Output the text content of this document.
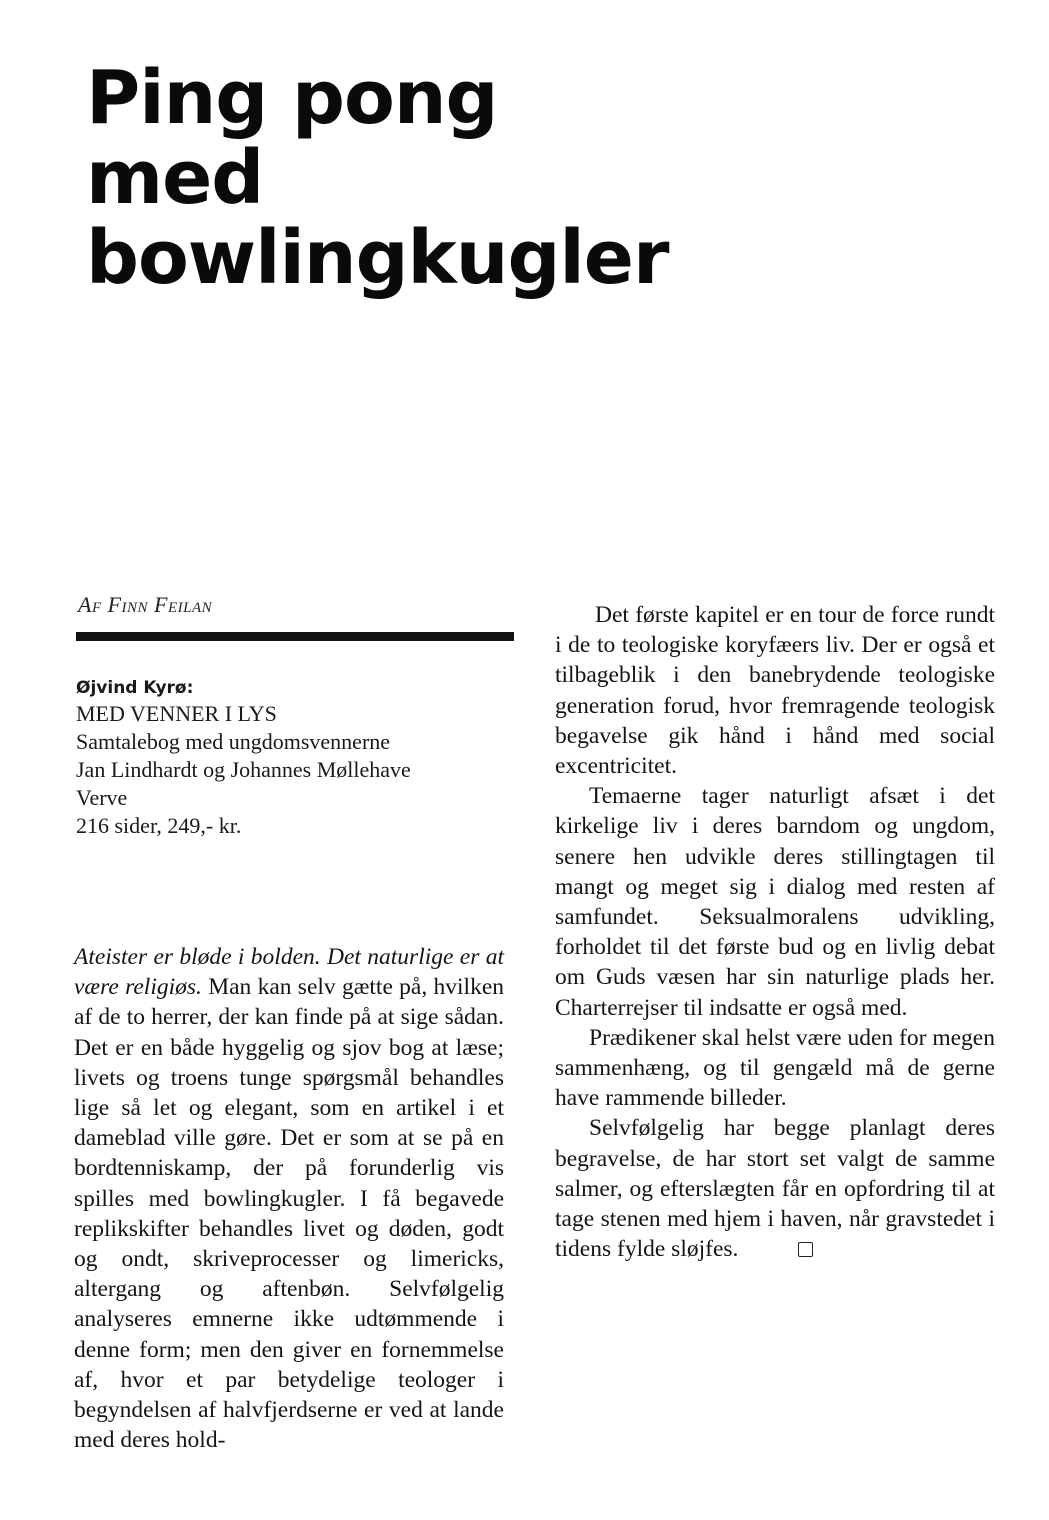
Ping pong
med
bowlingkugler
Af Finn Feilan
Øjvind Kyrø:
MED VENNER I LYS
Samtalebog med ungdomsvennerne
Jan Lindhardt og Johannes Møllehave
Verve
216 sider, 249,- kr.

Ateister er bløde i bolden. Det naturlige er at være religiøs. Man kan selv gætte på, hvilken af de to herrer, der kan finde på at sige sådan. Det er en både hyggelig og sjov bog at læse; livets og troens tunge spørgsmål behandles lige så let og elegant, som en artikel i et dameblad ville gøre. Det er som at se på en bordtenniskamp, der på forunderlig vis spilles med bowlingkugler. I få begavede replikskifter behandles livet og døden, godt og ondt, skriveprocesser og limericks, altergang og aftenbøn. Selvfølgelig analyseres emnerne ikke udtømmende i denne form; men den giver en fornemmelse af, hvor et par betydelige teologer i begyndelsen af halvfjerdserne er ved at lande med deres hold-

Det første kapitel er en tour de force rundt i de to teologiske koryfæers liv. Der er også et tilbageblik i den banebrydende teologiske generation forud, hvor fremragende teologisk begavelse gik hånd i hånd med social excentricitet.

Temaerne tager naturligt afsæt i det kirkelige liv i deres barndom og ungdom, senere hen udvikle deres stillingtagen til mangt og meget sig i dialog med resten af samfundet. Seksualmoralens udvikling, forholdet til det første bud og en livlig debat om Guds væsen har sin naturlige plads her. Charterrejser til indsatte er også med.

Prædikener skal helst være uden for megen sammenhæng, og til gengæld må de gerne have rammende billeder.

Selvfølgelig har begge planlagt deres begravelse, de har stort set valgt de samme salmer, og efterslægten får en opfordring til at tage stenen med hjem i haven, når gravstedet i tidens fylde sløjfes.
